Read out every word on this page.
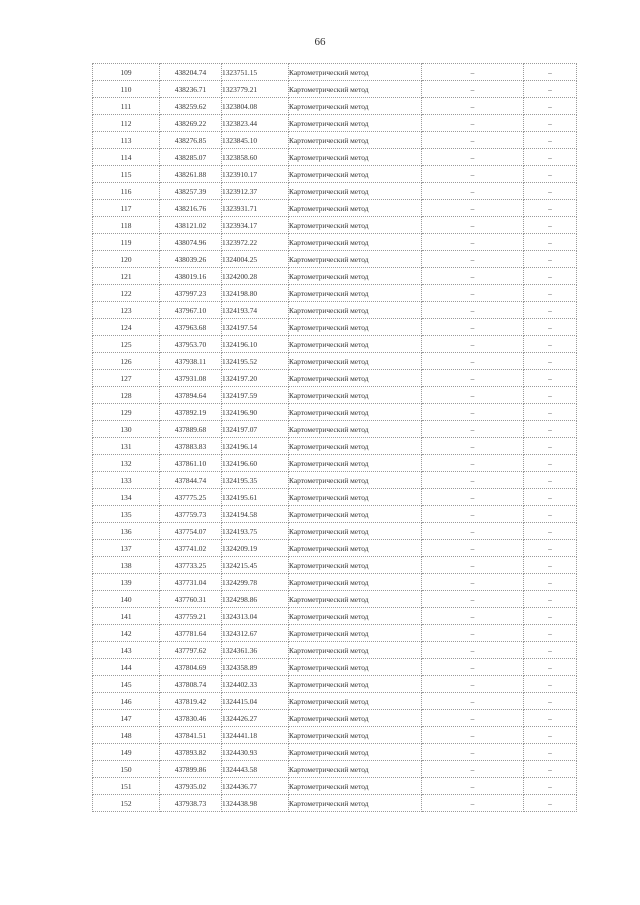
66
109	438204.74	1323751.15	Картометрический метод	–	–
110	438236.71	1323779.21	Картометрический метод	–	–
111	438259.62	1323804.08	Картометрический метод	–	–
112	438269.22	1323823.44	Картометрический метод	–	–
113	438276.85	1323845.10	Картометрический метод	–	–
114	438285.07	1323858.60	Картометрический метод	–	–
115	438261.88	1323910.17	Картометрический метод	–	–
116	438257.39	1323912.37	Картометрический метод	–	–
117	438216.76	1323931.71	Картометрический метод	–	–
118	438121.02	1323934.17	Картометрический метод	–	–
119	438074.96	1323972.22	Картометрический метод	–	–
120	438039.26	1324004.25	Картометрический метод	–	–
121	438019.16	1324200.28	Картометрический метод	–	–
122	437997.23	1324198.80	Картометрический метод	–	–
123	437967.10	1324193.74	Картометрический метод	–	–
124	437963.68	1324197.54	Картометрический метод	–	–
125	437953.70	1324196.10	Картометрический метод	–	–
126	437938.11	1324195.52	Картометрический метод	–	–
127	437931.08	1324197.20	Картометрический метод	–	–
128	437894.64	1324197.59	Картометрический метод	–	–
129	437892.19	1324196.90	Картометрический метод	–	–
130	437889.68	1324197.07	Картометрический метод	–	–
131	437883.83	1324196.14	Картометрический метод	–	–
132	437861.10	1324196.60	Картометрический метод	–	–
133	437844.74	1324195.35	Картометрический метод	–	–
134	437775.25	1324195.61	Картометрический метод	–	–
135	437759.73	1324194.58	Картометрический метод	–	–
136	437754.07	1324193.75	Картометрический метод	–	–
137	437741.02	1324209.19	Картометрический метод	–	–
138	437733.25	1324215.45	Картометрический метод	–	–
139	437731.04	1324299.78	Картометрический метод	–	–
140	437760.31	1324298.86	Картометрический метод	–	–
141	437759.21	1324313.04	Картометрический метод	–	–
142	437781.64	1324312.67	Картометрический метод	–	–
143	437797.62	1324361.36	Картометрический метод	–	–
144	437804.69	1324358.89	Картометрический метод	–	–
145	437808.74	1324402.33	Картометрический метод	–	–
146	437819.42	1324415.04	Картометрический метод	–	–
147	437830.46	1324426.27	Картометрический метод	–	–
148	437841.51	1324441.18	Картометрический метод	–	–
149	437893.82	1324430.93	Картометрический метод	–	–
150	437899.86	1324443.58	Картометрический метод	–	–
151	437935.02	1324436.77	Картометрический метод	–	–
152	437938.73	1324438.98	Картометрический метод	–	–
